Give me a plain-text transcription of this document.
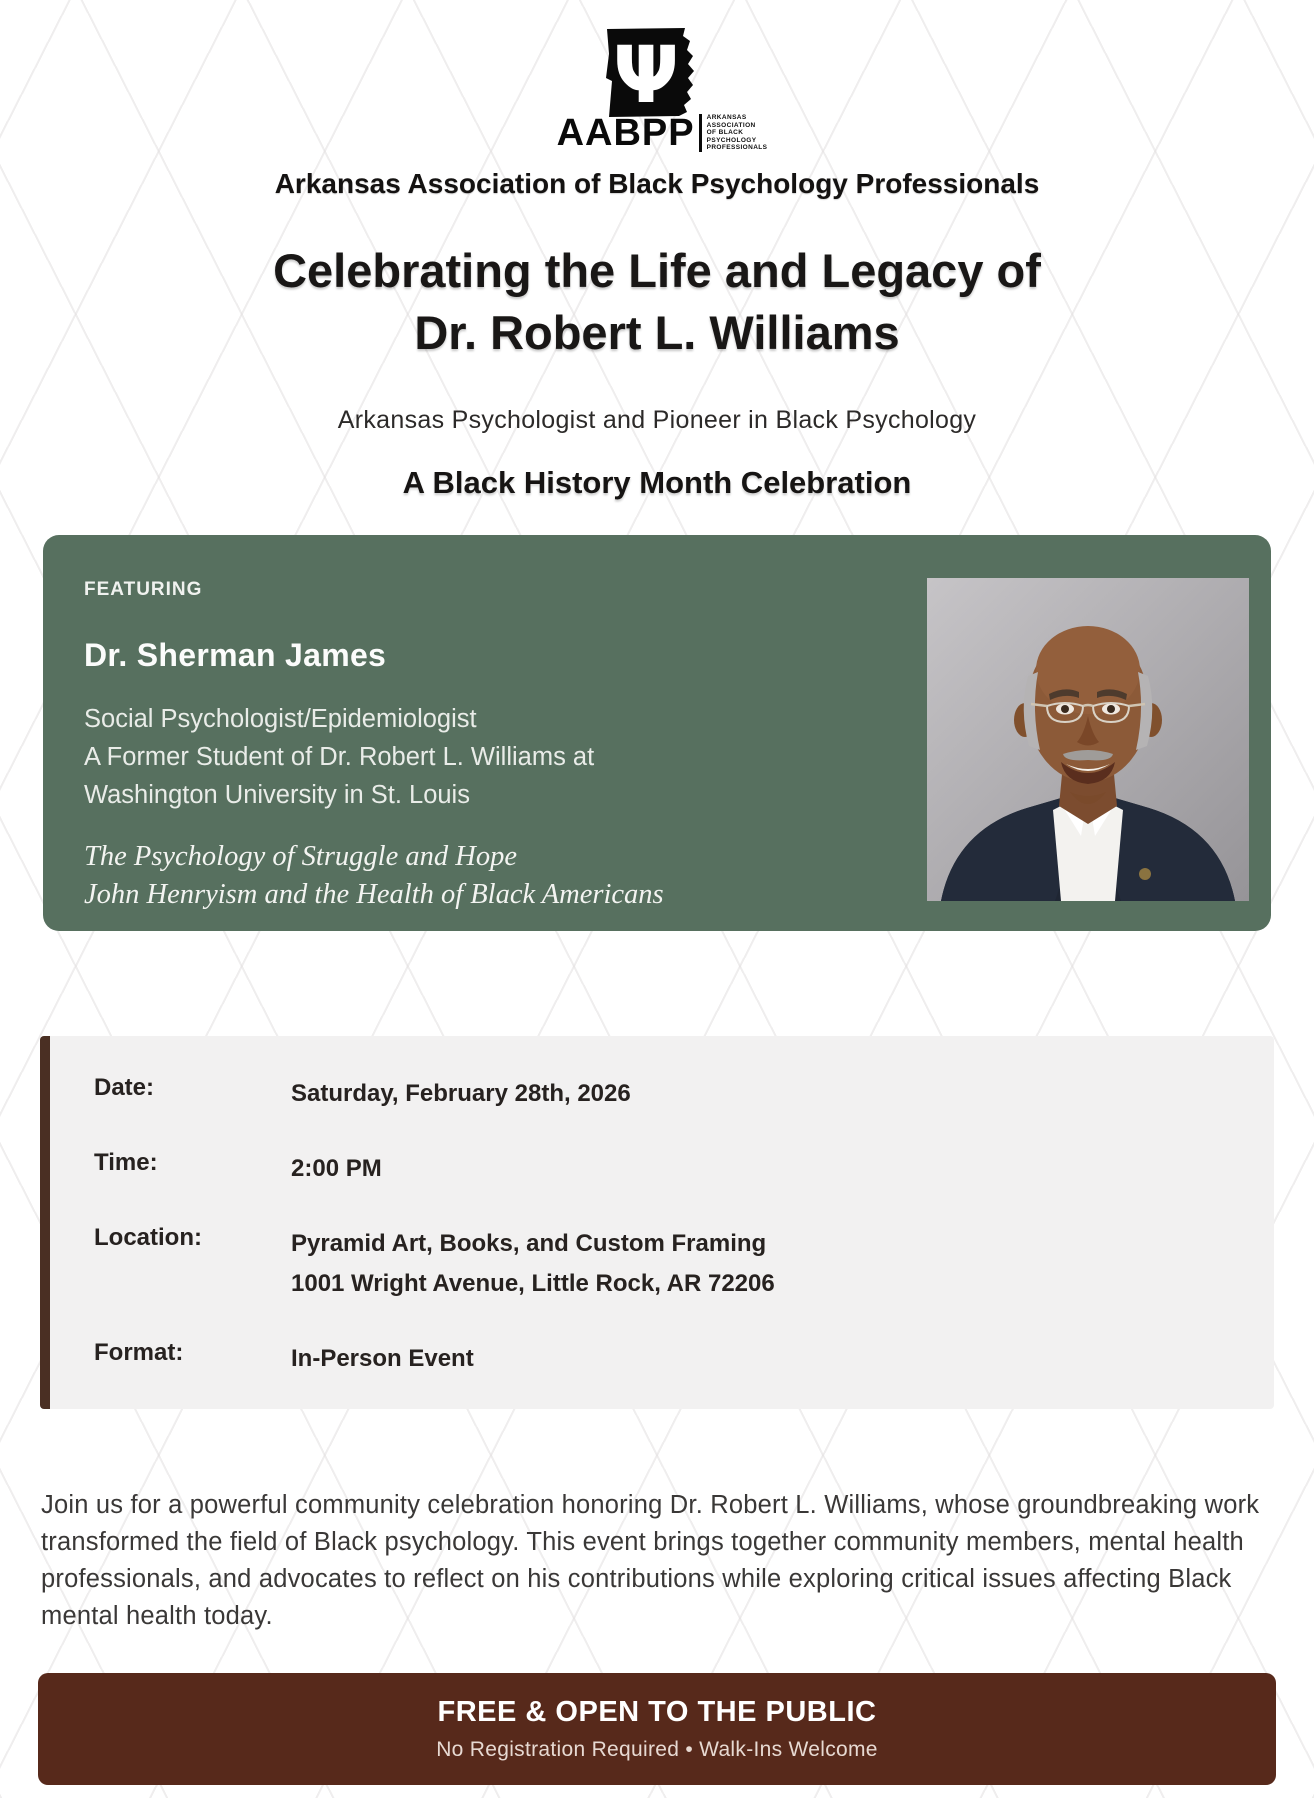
Ψ
AABPP ARKANSAS
ASSOCIATION
OF BLACK
PSYCHOLOGY
PROFESSIONALS
Arkansas Association of Black Psychology Professionals
Celebrating the Life and Legacy of
Dr. Robert L. Williams
Arkansas Psychologist and Pioneer in Black Psychology
A Black History Month Celebration
FEATURING
Dr. Sherman James
Social Psychologist/Epidemiologist
A Former Student of Dr. Robert L. Williams at
Washington University in St. Louis
The Psychology of Struggle and Hope
John Henryism and the Health of Black Americans
Date:	Saturday, February 28th, 2026
Time:	2:00 PM
Location:	Pyramid Art, Books, and Custom Framing
1001 Wright Avenue, Little Rock, AR 72206
Format:	In-Person Event
Join us for a powerful community celebration honoring Dr. Robert L. Williams, whose groundbreaking work transformed the field of Black psychology. This event brings together community members, mental health professionals, and advocates to reflect on his contributions while exploring critical issues affecting Black mental health today.
FREE & OPEN TO THE PUBLIC
No Registration Required • Walk-Ins Welcome
